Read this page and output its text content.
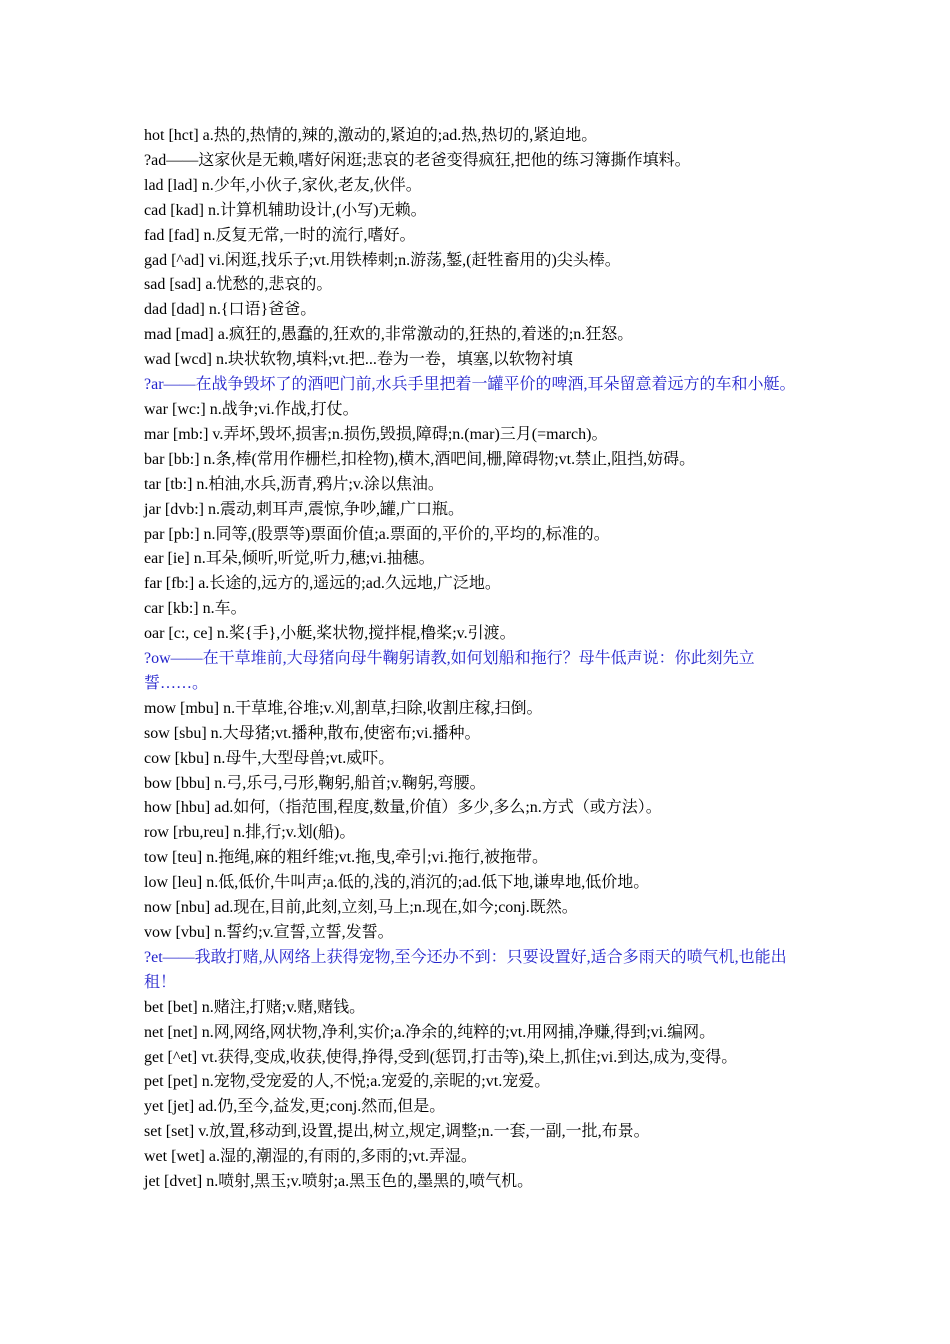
hot [hct] a.热的,热情的,辣的,激动的,紧迫的;ad.热,热切的,紧迫地。

?ad——这家伙是无赖,嗜好闲逛;悲哀的老爸变得疯狂,把他的练习簿撕作填料。

lad [lad] n.少年,小伙子,家伙,老友,伙伴。

cad [kad] n.计算机辅助设计,(小写)无赖。

fad [fad] n.反复无常,一时的流行,嗜好。

gad [^ad] vi.闲逛,找乐子;vt.用铁棒刺;n.游荡,錾,(赶牲畜用的)尖头棒。

sad [sad] a.忧愁的,悲哀的。

dad [dad] n.{口语}爸爸。

mad [mad] a.疯狂的,愚蠢的,狂欢的,非常激动的,狂热的,着迷的;n.狂怒。

wad [wcd] n.块状软物,填料;vt.把...卷为一卷，填塞,以软物衬填

?ar——在战争毁坏了的酒吧门前,水兵手里把着一罐平价的啤酒,耳朵留意着远方的车和小艇。

war [wc:] n.战争;vi.作战,打仗。

mar [mb:] v.弄坏,毁坏,损害;n.损伤,毁损,障碍;n.(mar)三月(=march)。

bar [bb:] n.条,棒(常用作栅栏,扣栓物),横木,酒吧间,栅,障碍物;vt.禁止,阻挡,妨碍。

tar [tb:] n.柏油,水兵,沥青,鸦片;v.涂以焦油。

jar [dvb:] n.震动,刺耳声,震惊,争吵,罐,广口瓶。

par [pb:] n.同等,(股票等)票面价值;a.票面的,平价的,平均的,标准的。

ear [ie] n.耳朵,倾听,听觉,听力,穗;vi.抽穗。

far [fb:] a.长途的,远方的,遥远的;ad.久远地,广泛地。

car [kb:] n.车。

oar [c:, ce] n.桨{手},小艇,桨状物,搅拌棍,橹桨;v.引渡。

?ow——在干草堆前,大母猪向母牛鞠躬请教,如何划船和拖行？母牛低声说：你此刻先立誓……。

mow [mbu] n.干草堆,谷堆;v.刈,割草,扫除,收割庄稼,扫倒。

sow [sbu] n.大母猪;vt.播种,散布,使密布;vi.播种。

cow [kbu] n.母牛,大型母兽;vt.威吓。

bow [bbu] n.弓,乐弓,弓形,鞠躬,船首;v.鞠躬,弯腰。

how [hbu] ad.如何,（指范围,程度,数量,价值）多少,多么;n.方式（或方法）。

row [rbu,reu] n.排,行;v.划(船)。

tow [teu] n.拖绳,麻的粗纤维;vt.拖,曳,牵引;vi.拖行,被拖带。

low [leu] n.低,低价,牛叫声;a.低的,浅的,消沉的;ad.低下地,谦卑地,低价地。

now [nbu] ad.现在,目前,此刻,立刻,马上;n.现在,如今;conj.既然。

vow [vbu] n.誓约;v.宣誓,立誓,发誓。

?et——我敢打赌,从网络上获得宠物,至今还办不到：只要设置好,适合多雨天的喷气机,也能出租！

bet [bet] n.赌注,打赌;v.赌,赌钱。

net [net] n.网,网络,网状物,净利,实价;a.净余的,纯粹的;vt.用网捕,净赚,得到;vi.编网。

get [^et] vt.获得,变成,收获,使得,挣得,受到(惩罚,打击等),染上,抓住;vi.到达,成为,变得。

pet [pet] n.宠物,受宠爱的人,不悦;a.宠爱的,亲昵的;vt.宠爱。

yet [jet] ad.仍,至今,益发,更;conj.然而,但是。

set [set] v.放,置,移动到,设置,提出,树立,规定,调整;n.一套,一副,一批,布景。

wet [wet] a.湿的,潮湿的,有雨的,多雨的;vt.弄湿。

jet [dvet] n.喷射,黑玉;v.喷射;a.黑玉色的,墨黑的,喷气机。
